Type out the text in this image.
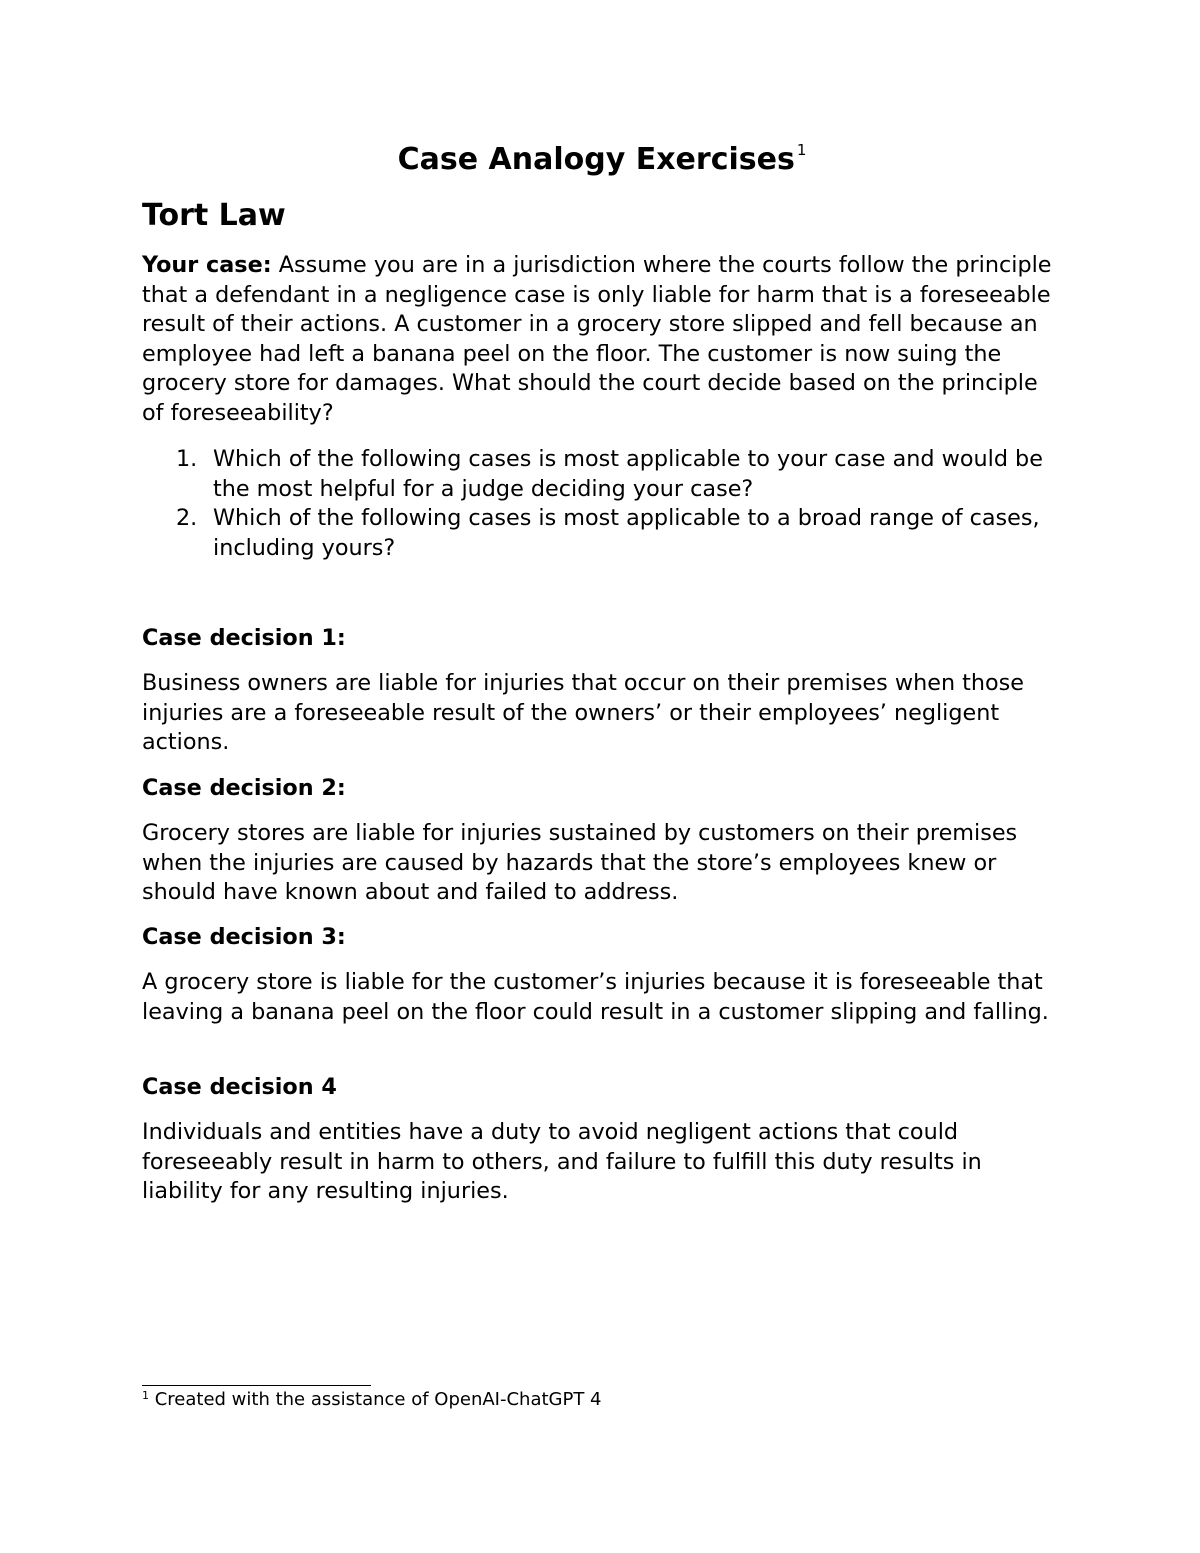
Case Analogy Exercises $^1$
Tort Law

Your case: Assume you are in a jurisdiction where the courts follow the principle that a defendant in a negligence case is only liable for harm that is a foreseeable result of their actions. A customer in a grocery store slipped and fell because an employee had left a banana peel on the floor. The customer is now suing the grocery store for damages. What should the court decide based on the principle of foreseeability?

1. Which of the following cases is most applicable to your case and would be the most helpful for a judge deciding your case?
2. Which of the following cases is most applicable to a broad range of cases, including yours?

Case decision 1:

Business owners are liable for injuries that occur on their premises when those injuries are a foreseeable result of the owners’ or their employees’ negligent actions.

Case decision 2:

Grocery stores are liable for injuries sustained by customers on their premises when the injuries are caused by hazards that the store’s employees knew or should have known about and failed to address.

Case decision 3:

A grocery store is liable for the customer’s injuries because it is foreseeable that leaving a banana peel on the floor could result in a customer slipping and falling.

Case decision 4

Individuals and entities have a duty to avoid negligent actions that could foreseeably result in harm to others, and failure to fulfill this duty results in liability for any resulting injuries.

$^1$ Created with the assistance of OpenAI-ChatGPT 4
